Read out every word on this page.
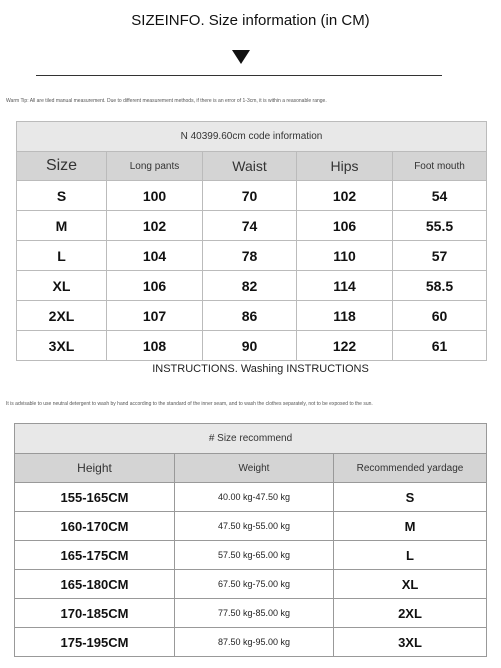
SIZEINFO. Size information (in CM)
Warm Tip: All are tiled manual measurement. Due to different measurement methods, if there is an error of 1-3cm, it is within a reasonable range.
N 40399.60cm code information				
Size	Long pants	Waist	Hips	Foot mouth
S	100	70	102	54
M	102	74	106	55.5
L	104	78	110	57
XL	106	82	114	58.5
2XL	107	86	118	60
3XL	108	90	122	61
INSTRUCTIONS. Washing INSTRUCTIONS
It is advisable to use neutral detergent to wash by hand according to the standard of the inner seam, and to wash the clothes separately, not to be exposed to the sun.
# Size recommend		
Height	Weight	Recommended yardage
155-165CM	40.00 kg-47.50 kg	S
160-170CM	47.50 kg-55.00 kg	M
165-175CM	57.50 kg-65.00 kg	L
165-180CM	67.50 kg-75.00 kg	XL
170-185CM	77.50 kg-85.00 kg	2XL
175-195CM	87.50 kg-95.00 kg	3XL
